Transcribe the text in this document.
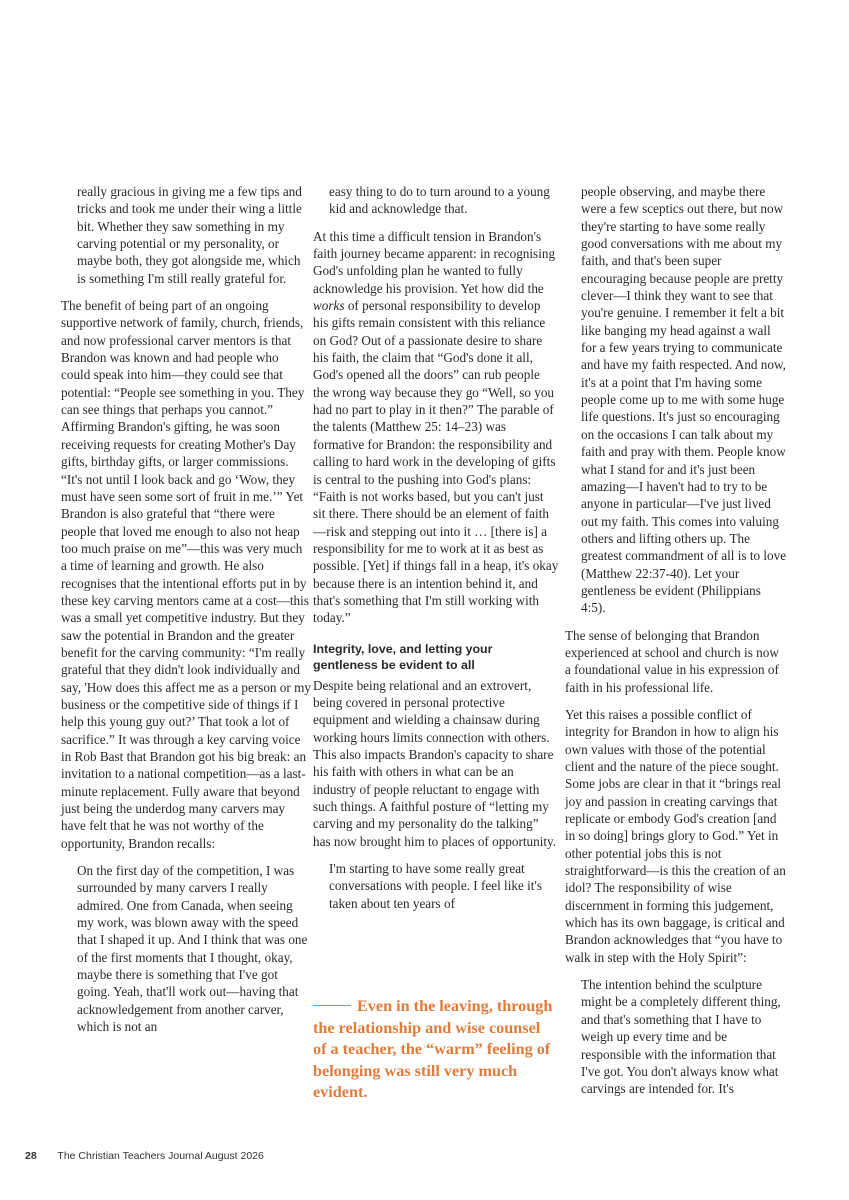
really gracious in giving me a few tips and tricks and took me under their wing a little bit. Whether they saw something in my carving potential or my personality, or maybe both, they got alongside me, which is something I'm still really grateful for.

The benefit of being part of an ongoing supportive network of family, church, friends, and now professional carver mentors is that Brandon was known and had people who could speak into him—they could see that potential: “People see something in you. They can see things that perhaps you cannot.” Affirming Brandon's gifting, he was soon receiving requests for creating Mother's Day gifts, birthday gifts, or larger commissions. “It's not until I look back and go ‘Wow, they must have seen some sort of fruit in me.’” Yet Brandon is also grateful that “there were people that loved me enough to also not heap too much praise on me”—this was very much a time of learning and growth. He also recognises that the intentional efforts put in by these key carving mentors came at a cost—this was a small yet competitive industry. But they saw the potential in Brandon and the greater benefit for the carving community: “I'm really grateful that they didn't look individually and say, 'How does this affect me as a person or my business or the competitive side of things if I help this young guy out?’ That took a lot of sacrifice.” It was through a key carving voice in Rob Bast that Brandon got his big break: an invitation to a national competition—as a last-minute replacement. Fully aware that beyond just being the underdog many carvers may have felt that he was not worthy of the opportunity, Brandon recalls:

On the first day of the competition, I was surrounded by many carvers I really admired. One from Canada, when seeing my work, was blown away with the speed that I shaped it up. And I think that was one of the first moments that I thought, okay, maybe there is something that I've got going. Yeah, that'll work out—having that acknowledgement from another carver, which is not an

easy thing to do to turn around to a young kid and acknowledge that.

At this time a difficult tension in Brandon's faith journey became apparent: in recognising God's unfolding plan he wanted to fully acknowledge his provision. Yet how did the works of personal responsibility to develop his gifts remain consistent with this reliance on God? Out of a passionate desire to share his faith, the claim that “God's done it all, God's opened all the doors” can rub people the wrong way because they go “Well, so you had no part to play in it then?” The parable of the talents (Matthew 25: 14–23) was formative for Brandon: the responsibility and calling to hard work in the developing of gifts is central to the pushing into God's plans: “Faith is not works based, but you can't just sit there. There should be an element of faith—risk and stepping out into it … [there is] a responsibility for me to work at it as best as possible. [Yet] if things fall in a heap, it's okay because there is an intention behind it, and that's something that I'm still working with today.”

Integrity, love, and letting your gentleness be evident to all

Despite being relational and an extrovert, being covered in personal protective equipment and wielding a chainsaw during working hours limits connection with others. This also impacts Brandon's capacity to share his faith with others in what can be an industry of people reluctant to engage with such things. A faithful posture of “letting my carving and my personality do the talking” has now brought him to places of opportunity.

I'm starting to have some really great conversations with people. I feel like it's taken about ten years of

Even in the leaving, through the relationship and wise counsel of a teacher, the “warm” feeling of belonging was still very much evident.

people observing, and maybe there were a few sceptics out there, but now they're starting to have some really good conversations with me about my faith, and that's been super encouraging because people are pretty clever—I think they want to see that you're genuine. I remember it felt a bit like banging my head against a wall for a few years trying to communicate and have my faith respected. And now, it's at a point that I'm having some people come up to me with some huge life questions. It's just so encouraging on the occasions I can talk about my faith and pray with them. People know what I stand for and it's just been amazing—I haven't had to try to be anyone in particular—I've just lived out my faith. This comes into valuing others and lifting others up. The greatest commandment of all is to love (Matthew 22:37-40). Let your gentleness be evident (Philippians 4:5).

The sense of belonging that Brandon experienced at school and church is now a foundational value in his expression of faith in his professional life.

Yet this raises a possible conflict of integrity for Brandon in how to align his own values with those of the potential client and the nature of the piece sought. Some jobs are clear in that it “brings real joy and passion in creating carvings that replicate or embody God's creation [and in so doing] brings glory to God.” Yet in other potential jobs this is not straightforward—is this the creation of an idol? The responsibility of wise discernment in forming this judgement, which has its own baggage, is critical and Brandon acknowledges that “you have to walk in step with the Holy Spirit”:

The intention behind the sculpture might be a completely different thing, and that's something that I have to weigh up every time and be responsible with the information that I've got. You don't always know what carvings are intended for. It's

28 The Christian Teachers Journal August 2026
